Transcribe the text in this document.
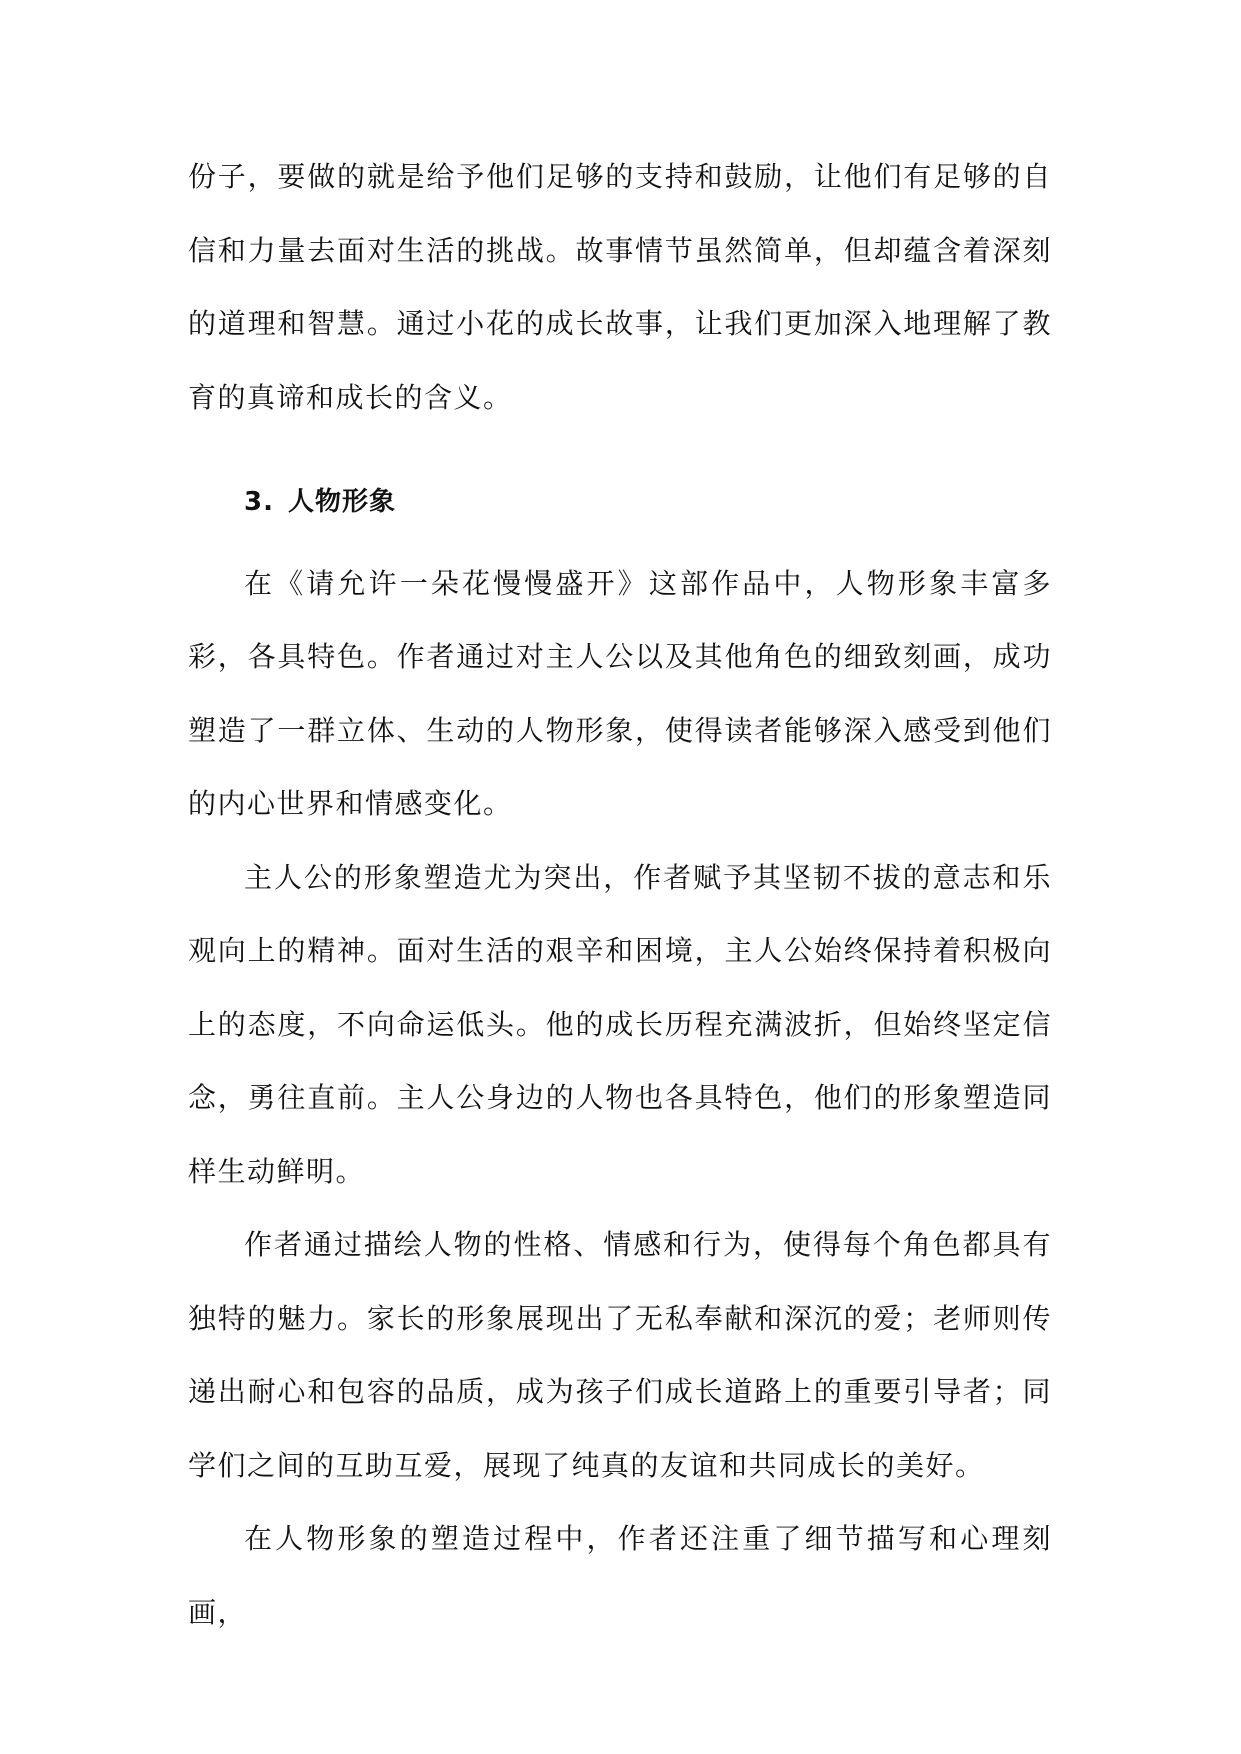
份子，要做的就是给予他们足够的支持和鼓励，让他们有足够的自信和力量去面对生活的挑战。故事情节虽然简单，但却蕴含着深刻的道理和智慧。通过小花的成长故事，让我们更加深入地理解了教育的真谛和成长的含义。

3. 人物形象

在《请允许一朵花慢慢盛开》这部作品中，人物形象丰富多彩，各具特色。作者通过对主人公以及其他角色的细致刻画，成功塑造了一群立体、生动的人物形象，使得读者能够深入感受到他们的内心世界和情感变化。

主人公的形象塑造尤为突出，作者赋予其坚韧不拔的意志和乐观向上的精神。面对生活的艰辛和困境，主人公始终保持着积极向上的态度，不向命运低头。他的成长历程充满波折，但始终坚定信念，勇往直前。主人公身边的人物也各具特色，他们的形象塑造同样生动鲜明。

作者通过描绘人物的性格、情感和行为，使得每个角色都具有独特的魅力。家长的形象展现出了无私奉献和深沉的爱；老师则传递出耐心和包容的品质，成为孩子们成长道路上的重要引导者；同学们之间的互助互爱，展现了纯真的友谊和共同成长的美好。

在人物形象的塑造过程中，作者还注重了细节描写和心理刻画，
